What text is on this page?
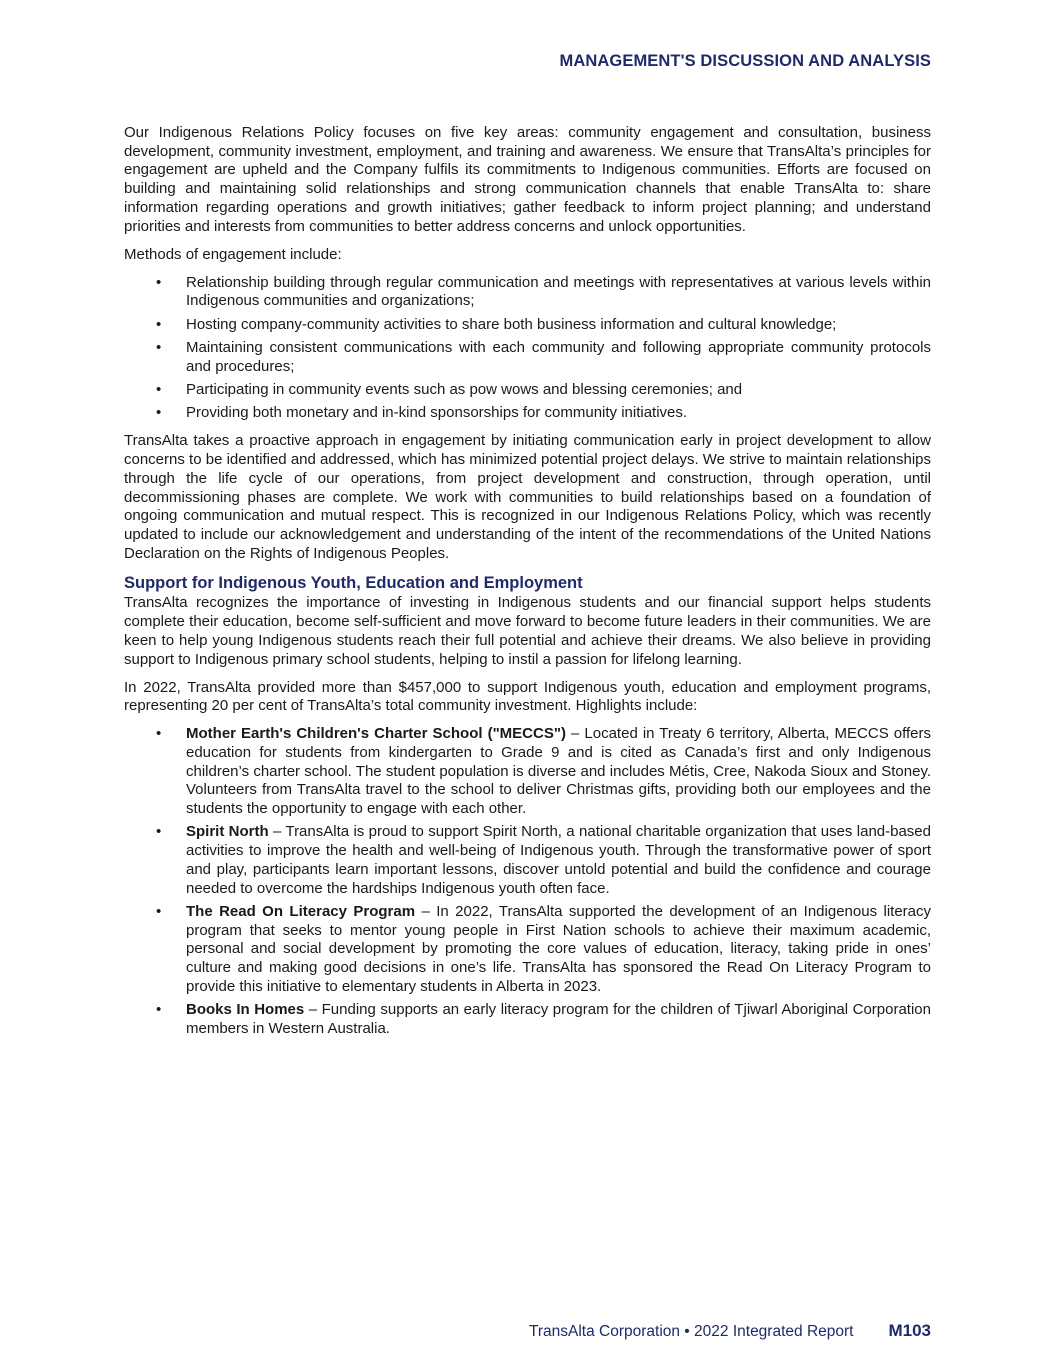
MANAGEMENT'S DISCUSSION AND ANALYSIS

Our Indigenous Relations Policy focuses on five key areas: community engagement and consultation, business development, community investment, employment, and training and awareness. We ensure that TransAlta’s principles for engagement are upheld and the Company fulfils its commitments to Indigenous communities. Efforts are focused on building and maintaining solid relationships and strong communication channels that enable TransAlta to: share information regarding operations and growth initiatives; gather feedback to inform project planning; and understand priorities and interests from communities to better address concerns and unlock opportunities.

Methods of engagement include:

• Relationship building through regular communication and meetings with representatives at various levels within Indigenous communities and organizations;
• Hosting company-community activities to share both business information and cultural knowledge;
• Maintaining consistent communications with each community and following appropriate community protocols and procedures;
• Participating in community events such as pow wows and blessing ceremonies; and
• Providing both monetary and in-kind sponsorships for community initiatives.

TransAlta takes a proactive approach in engagement by initiating communication early in project development to allow concerns to be identified and addressed, which has minimized potential project delays. We strive to maintain relationships through the life cycle of our operations, from project development and construction, through operation, until decommissioning phases are complete. We work with communities to build relationships based on a foundation of ongoing communication and mutual respect. This is recognized in our Indigenous Relations Policy, which was recently updated to include our acknowledgement and understanding of the intent of the recommendations of the United Nations Declaration on the Rights of Indigenous Peoples.

Support for Indigenous Youth, Education and Employment

TransAlta recognizes the importance of investing in Indigenous students and our financial support helps students complete their education, become self-sufficient and move forward to become future leaders in their communities. We are keen to help young Indigenous students reach their full potential and achieve their dreams. We also believe in providing support to Indigenous primary school students, helping to instil a passion for lifelong learning.

In 2022, TransAlta provided more than $457,000 to support Indigenous youth, education and employment programs, representing 20 per cent of TransAlta’s total community investment. Highlights include:

• Mother Earth's Children's Charter School ("MECCS") – Located in Treaty 6 territory, Alberta, MECCS offers education for students from kindergarten to Grade 9 and is cited as Canada’s first and only Indigenous children’s charter school. The student population is diverse and includes Métis, Cree, Nakoda Sioux and Stoney. Volunteers from TransAlta travel to the school to deliver Christmas gifts, providing both our employees and the students the opportunity to engage with each other.
• Spirit North – TransAlta is proud to support Spirit North, a national charitable organization that uses land-based activities to improve the health and well-being of Indigenous youth. Through the transformative power of sport and play, participants learn important lessons, discover untold potential and build the confidence and courage needed to overcome the hardships Indigenous youth often face.
• The Read On Literacy Program – In 2022, TransAlta supported the development of an Indigenous literacy program that seeks to mentor young people in First Nation schools to achieve their maximum academic, personal and social development by promoting the core values of education, literacy, taking pride in ones’ culture and making good decisions in one’s life. TransAlta has sponsored the Read On Literacy Program to provide this initiative to elementary students in Alberta in 2023.
• Books In Homes – Funding supports an early literacy program for the children of Tjiwarl Aboriginal Corporation members in Western Australia.
TransAlta Corporation • 2022 Integrated Report M103
